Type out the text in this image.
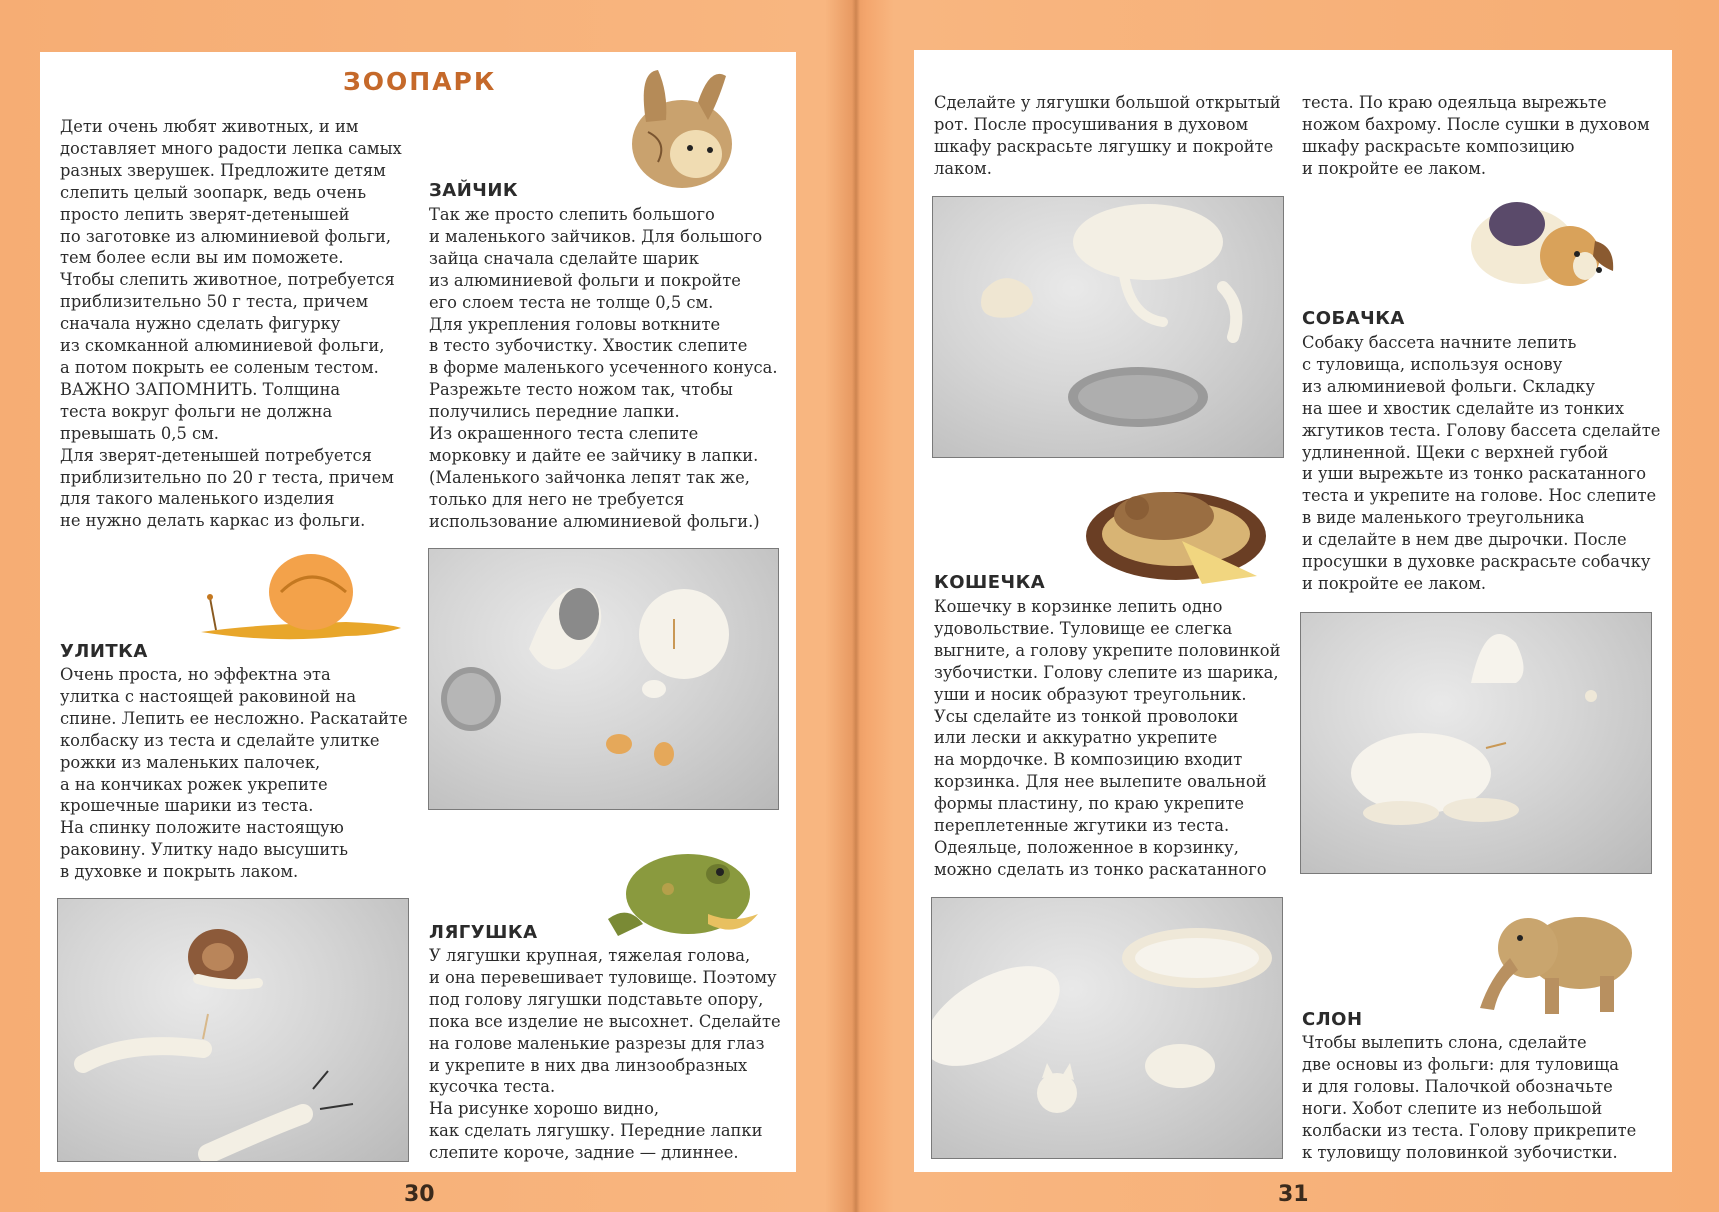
ЗООПАРК
Дети очень любят животных, и им
доставляет много радости лепка самых
разных зверушек. Предложите детям
слепить целый зоопарк, ведь очень
просто лепить зверят-детенышей
по заготовке из алюминиевой фольги,
тем более если вы им поможете.
Чтобы слепить животное, потребуется
приблизительно 50 г теста, причем
сначала нужно сделать фигурку
из скомканной алюминиевой фольги,
а потом покрыть ее соленым тестом.
ВАЖНО ЗАПОМНИТЬ. Толщина
теста вокруг фольги не должна
превышать 0,5 см.
Для зверят-детенышей потребуется
приблизительно по 20 г теста, причем
для такого маленького изделия
не нужно делать каркас из фольги.
ЗАЙЧИК
Так же просто слепить большого
и маленького зайчиков. Для большого
зайца сначала сделайте шарик
из алюминиевой фольги и покройте
его слоем теста не толще 0,5 см.
Для укрепления головы воткните
в тесто зубочистку. Хвостик слепите
в форме маленького усеченного конуса.
Разрежьте тесто ножом так, чтобы
получились передние лапки.
Из окрашенного теста слепите
морковку и дайте ее зайчику в лапки.
(Маленького зайчонка лепят так же,
только для него не требуется
использование алюминиевой фольги.)
УЛИТКА
Очень проста, но эффектна эта
улитка с настоящей раковиной на
спине. Лепить ее несложно. Раскатайте
колбаску из теста и сделайте улитке
рожки из маленьких палочек,
а на кончиках рожек укрепите
крошечные шарики из теста.
На спинку положите настоящую
раковину. Улитку надо высушить
в духовке и покрыть лаком.
ЛЯГУШКА
У лягушки крупная, тяжелая голова,
и она перевешивает туловище. Поэтому
под голову лягушки подставьте опору,
пока все изделие не высохнет. Сделайте
на голове маленькие разрезы для глаз
и укрепите в них два линзообразных
кусочка теста.
На рисунке хорошо видно,
как сделать лягушку. Передние лапки
слепите короче, задние — длиннее.
30
Сделайте у лягушки большой открытый
рот. После просушивания в духовом
шкафу раскрасьте лягушку и покройте
лаком.
теста. По краю одеяльца вырежьте
ножом бахрому. После сушки в духовом
шкафу раскрасьте композицию
и покройте ее лаком.
КОШЕЧКА
Кошечку в корзинке лепить одно
удовольствие. Туловище ее слегка
выгните, а голову укрепите половинкой
зубочистки. Голову слепите из шарика,
уши и носик образуют треугольник.
Усы сделайте из тонкой проволоки
или лески и аккуратно укрепите
на мордочке. В композицию входит
корзинка. Для нее вылепите овальной
формы пластину, по краю укрепите
переплетенные жгутики из теста.
Одеяльце, положенное в корзинку,
можно сделать из тонко раскатанного
СОБАЧКА
Собаку бассета начните лепить
с туловища, используя основу
из алюминиевой фольги. Складку
на шее и хвостик сделайте из тонких
жгутиков теста. Голову бассета сделайте
удлиненной. Щеки с верхней губой
и уши вырежьте из тонко раскатанного
теста и укрепите на голове. Нос слепите
в виде маленького треугольника
и сделайте в нем две дырочки. После
просушки в духовке раскрасьте собачку
и покройте ее лаком.
СЛОН
Чтобы вылепить слона, сделайте
две основы из фольги: для туловища
и для головы. Палочкой обозначьте
ноги. Хобот слепите из небольшой
колбаски из теста. Голову прикрепите
к туловищу половинкой зубочистки.
31
